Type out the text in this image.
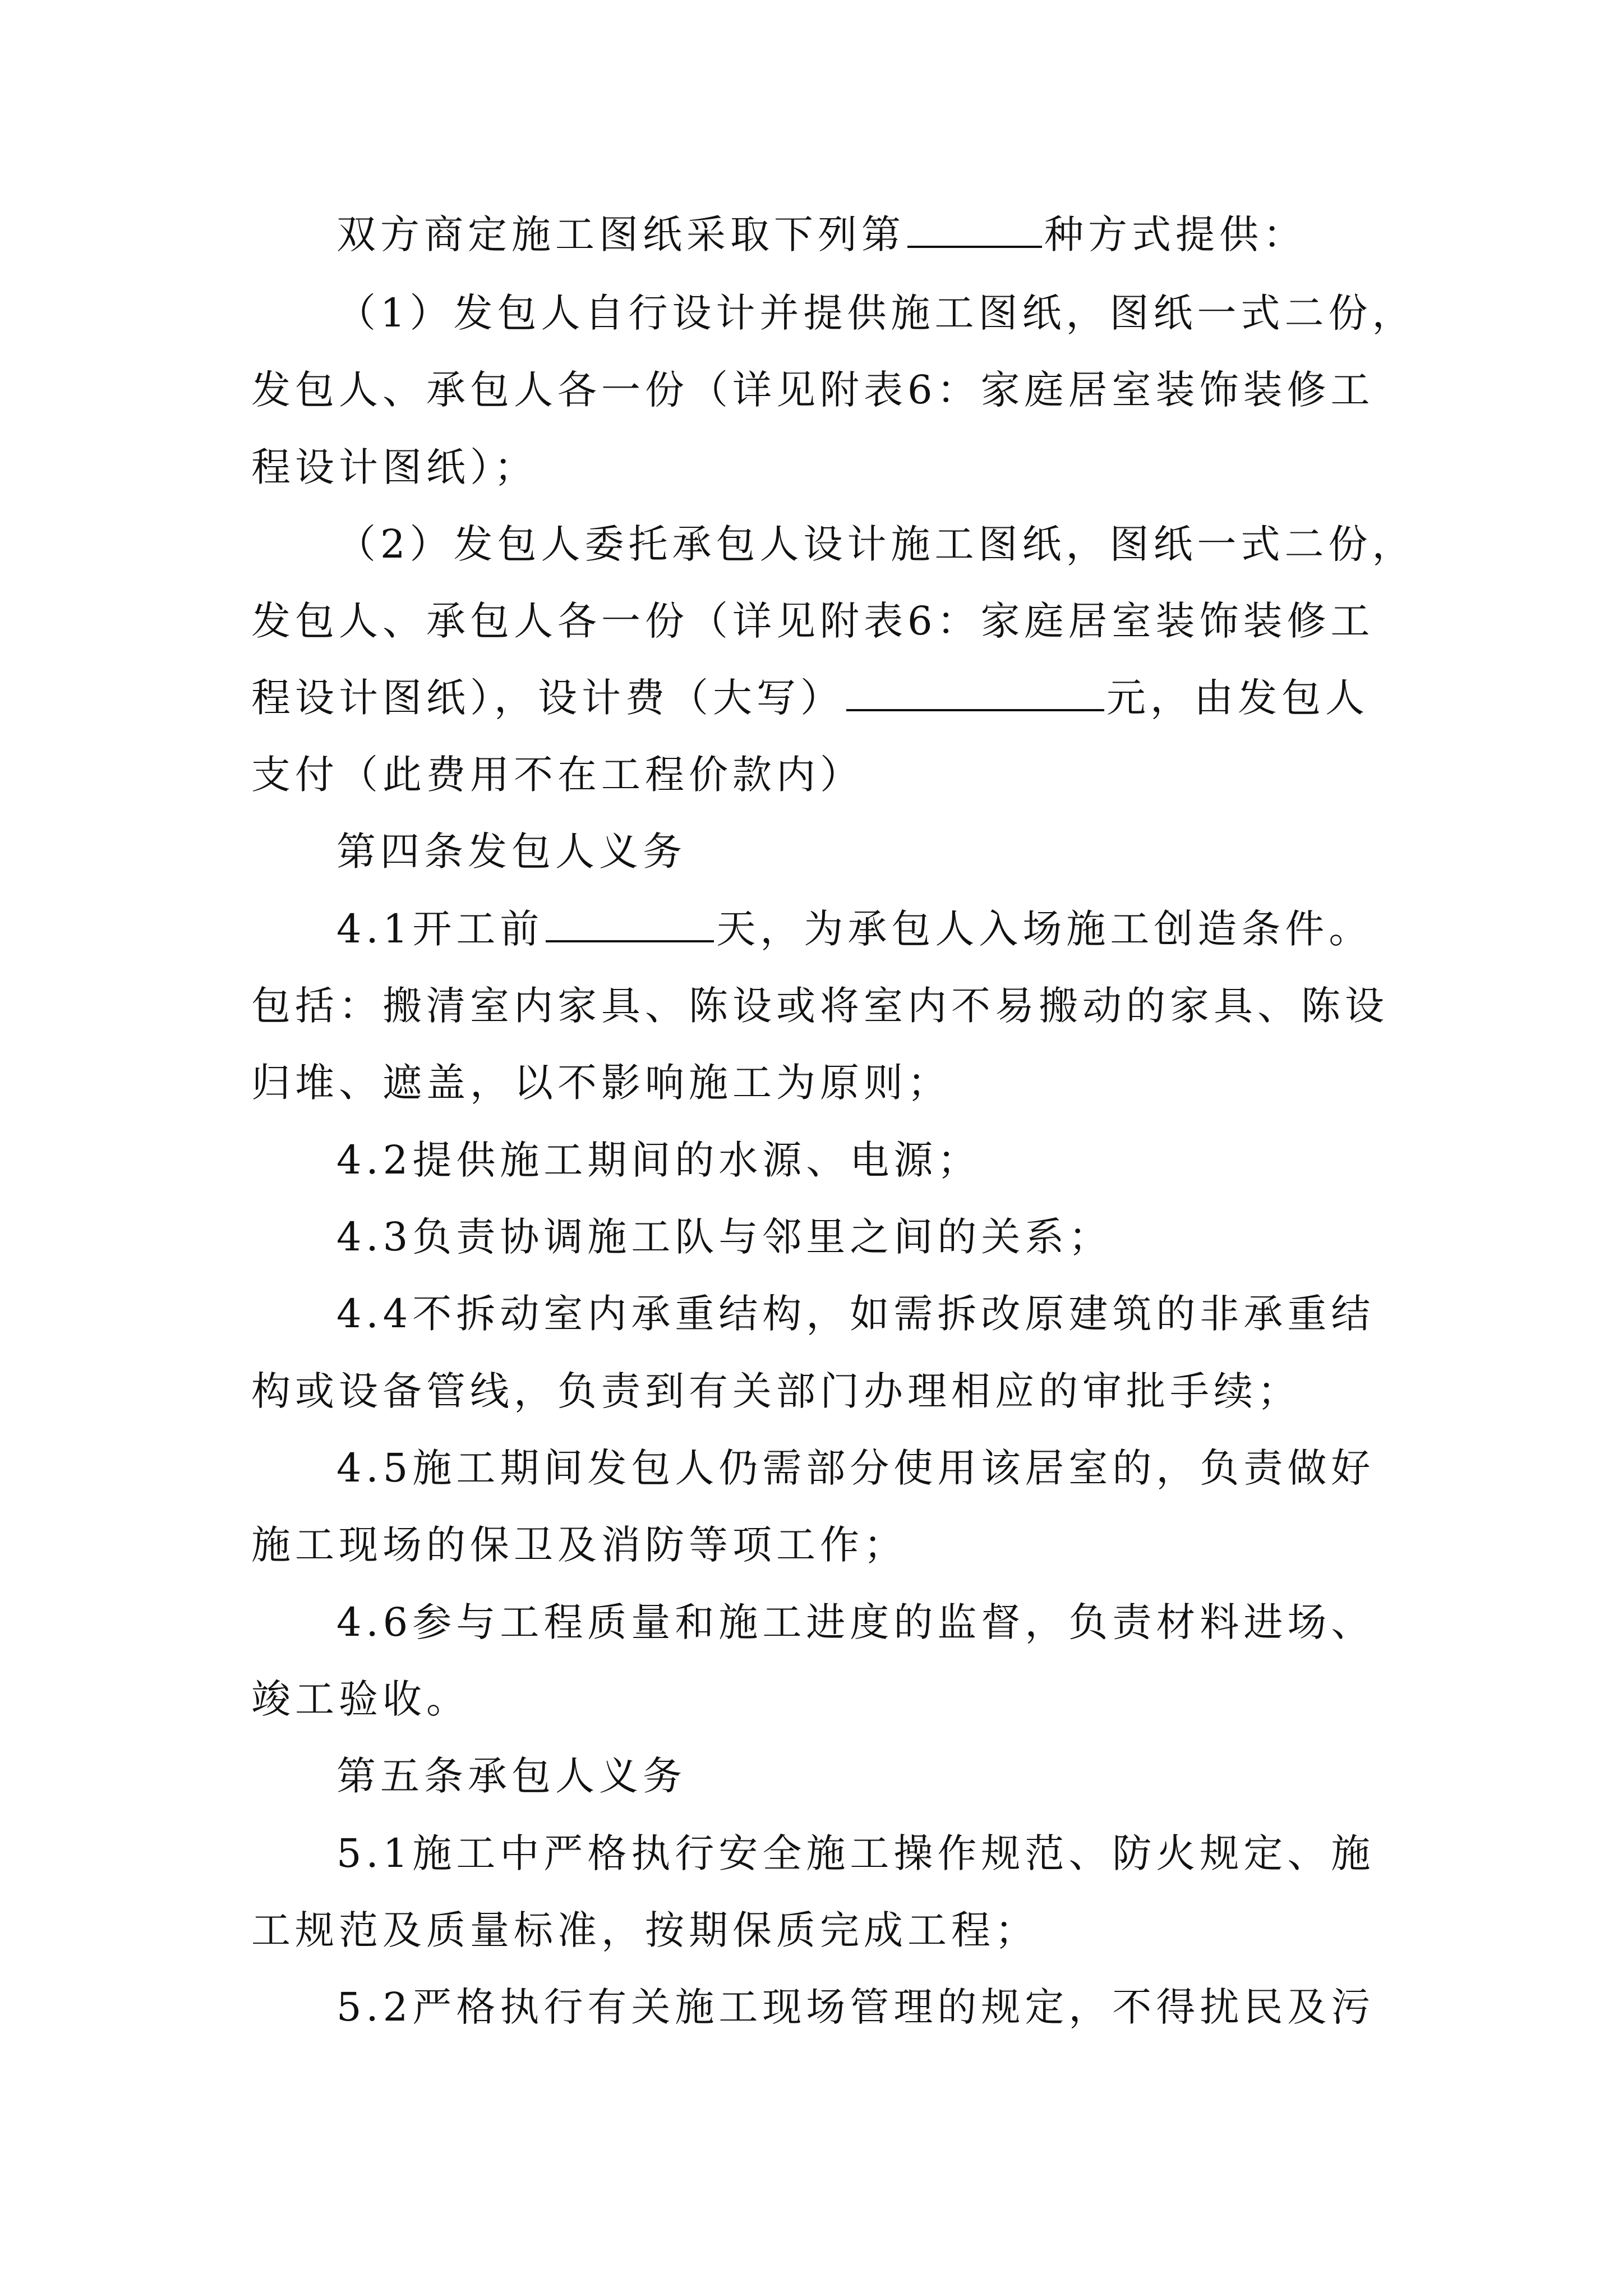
双方商定施工图纸采取下列第	种方式提供：
（1）发包人自行设计并提供施工图纸，图纸一式二份，
发包人、承包人各一份（详见附表6：家庭居室装饰装修工
程设计图纸）；
（2）发包人委托承包人设计施工图纸，图纸一式二份，
发包人、承包人各一份（详见附表6：家庭居室装饰装修工
程设计图纸），设计费（大写）	元，由发包人
支付（此费用不在工程价款内）
第四条发包人义务
4.1开工前	天，为承包人入场施工创造条件。
包括：搬清室内家具、陈设或将室内不易搬动的家具、陈设
归堆、遮盖，以不影响施工为原则；
4.2提供施工期间的水源、电源；
4.3负责协调施工队与邻里之间的关系；
4.4不拆动室内承重结构，如需拆改原建筑的非承重结
构或设备管线，负责到有关部门办理相应的审批手续；
4.5施工期间发包人仍需部分使用该居室的，负责做好
施工现场的保卫及消防等项工作；
4.6参与工程质量和施工进度的监督，负责材料进场、
竣工验收。
第五条承包人义务
5.1施工中严格执行安全施工操作规范、防火规定、施
工规范及质量标准，按期保质完成工程；
5.2严格执行有关施工现场管理的规定，不得扰民及污
